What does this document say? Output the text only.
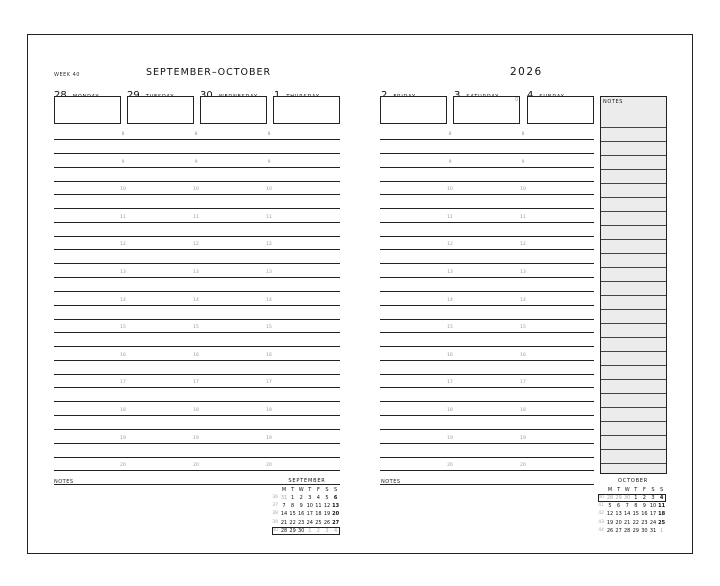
WEEK 40	SEPTEMBER–OCTOBER	2026
0
8	8	8
9	9	9
10	10	10
11	11	11
12	12	12
13	13	13
14	14	14
15	15	15
16	16	16
17	17	17
18	18	18
19	19	19
20	20	20
8	8
9	9
10	10
11	11
12	12
13	13
14	14
15	15
16	16
17	17
18	18
19	19
20	20
NOTES
NOTES	NOTES
SEPTEMBER
M T W T	F	S	S
36 31 1	2	3	4	5	6
37 7	8	9 10 11 12 13
38 14 15 16 17 18 19 20
39 21 22 23 24 25 26 27
40 28 29 30 1	2	3	4
OCTOBER
M T W T	F	S	S
40 28 29 30 1	2	3	4
41 5	6	7	8	9 10 11
42 12 13 14 15 16 17 18
43 19 20 21 22 23 24 25
44 26 27 28 29 30 31 1
